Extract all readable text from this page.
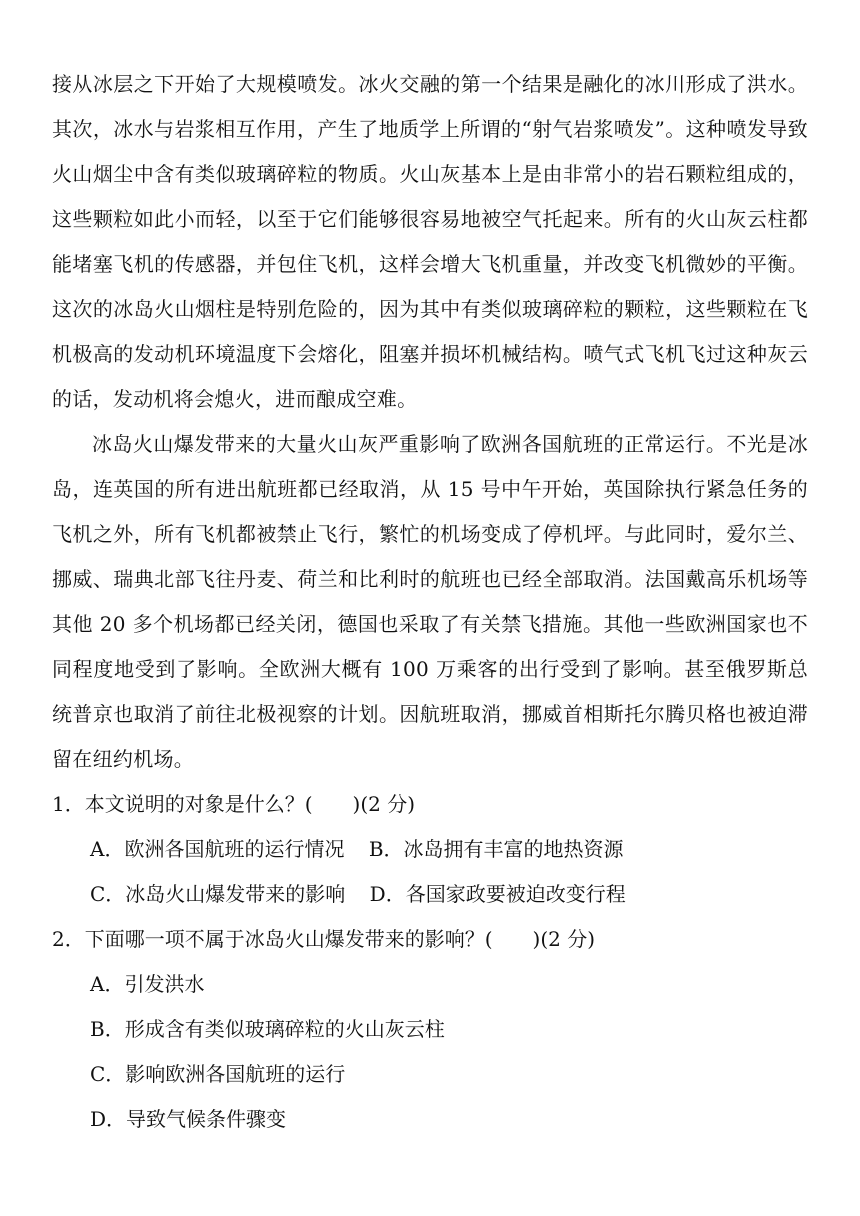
接从冰层之下开始了大规模喷发。冰火交融的第一个结果是融化的冰川形成了洪水。其次，冰水与岩浆相互作用，产生了地质学上所谓的“射气岩浆喷发”。这种喷发导致火山烟尘中含有类似玻璃碎粒的物质。火山灰基本上是由非常小的岩石颗粒组成的，这些颗粒如此小而轻，以至于它们能够很容易地被空气托起来。所有的火山灰云柱都能堵塞飞机的传感器，并包住飞机，这样会增大飞机重量，并改变飞机微妙的平衡。这次的冰岛火山烟柱是特别危险的，因为其中有类似玻璃碎粒的颗粒，这些颗粒在飞机极高的发动机环境温度下会熔化，阻塞并损坏机械结构。喷气式飞机飞过这种灰云的话，发动机将会熄火，进而酿成空难。

冰岛火山爆发带来的大量火山灰严重影响了欧洲各国航班的正常运行。不光是冰岛，连英国的所有进出航班都已经取消，从 15 号中午开始，英国除执行紧急任务的飞机之外，所有飞机都被禁止飞行，繁忙的机场变成了停机坪。与此同时，爱尔兰、挪威、瑞典北部飞往丹麦、荷兰和比利时的航班也已经全部取消。法国戴高乐机场等其他 20 多个机场都已经关闭，德国也采取了有关禁飞措施。其他一些欧洲国家也不同程度地受到了影响。全欧洲大概有 100 万乘客的出行受到了影响。甚至俄罗斯总统普京也取消了前往北极视察的计划。因航班取消，挪威首相斯托尔腾贝格也被迫滞留在纽约机场。

1．本文说明的对象是什么？(　　)(2 分)

A．欧洲各国航班的运行情况 B．冰岛拥有丰富的地热资源

C．冰岛火山爆发带来的影响 D．各国家政要被迫改变行程

2．下面哪一项不属于冰岛火山爆发带来的影响？(　　)(2 分)

A．引发洪水

B．形成含有类似玻璃碎粒的火山灰云柱

C．影响欧洲各国航班的运行

D．导致气候条件骤变
